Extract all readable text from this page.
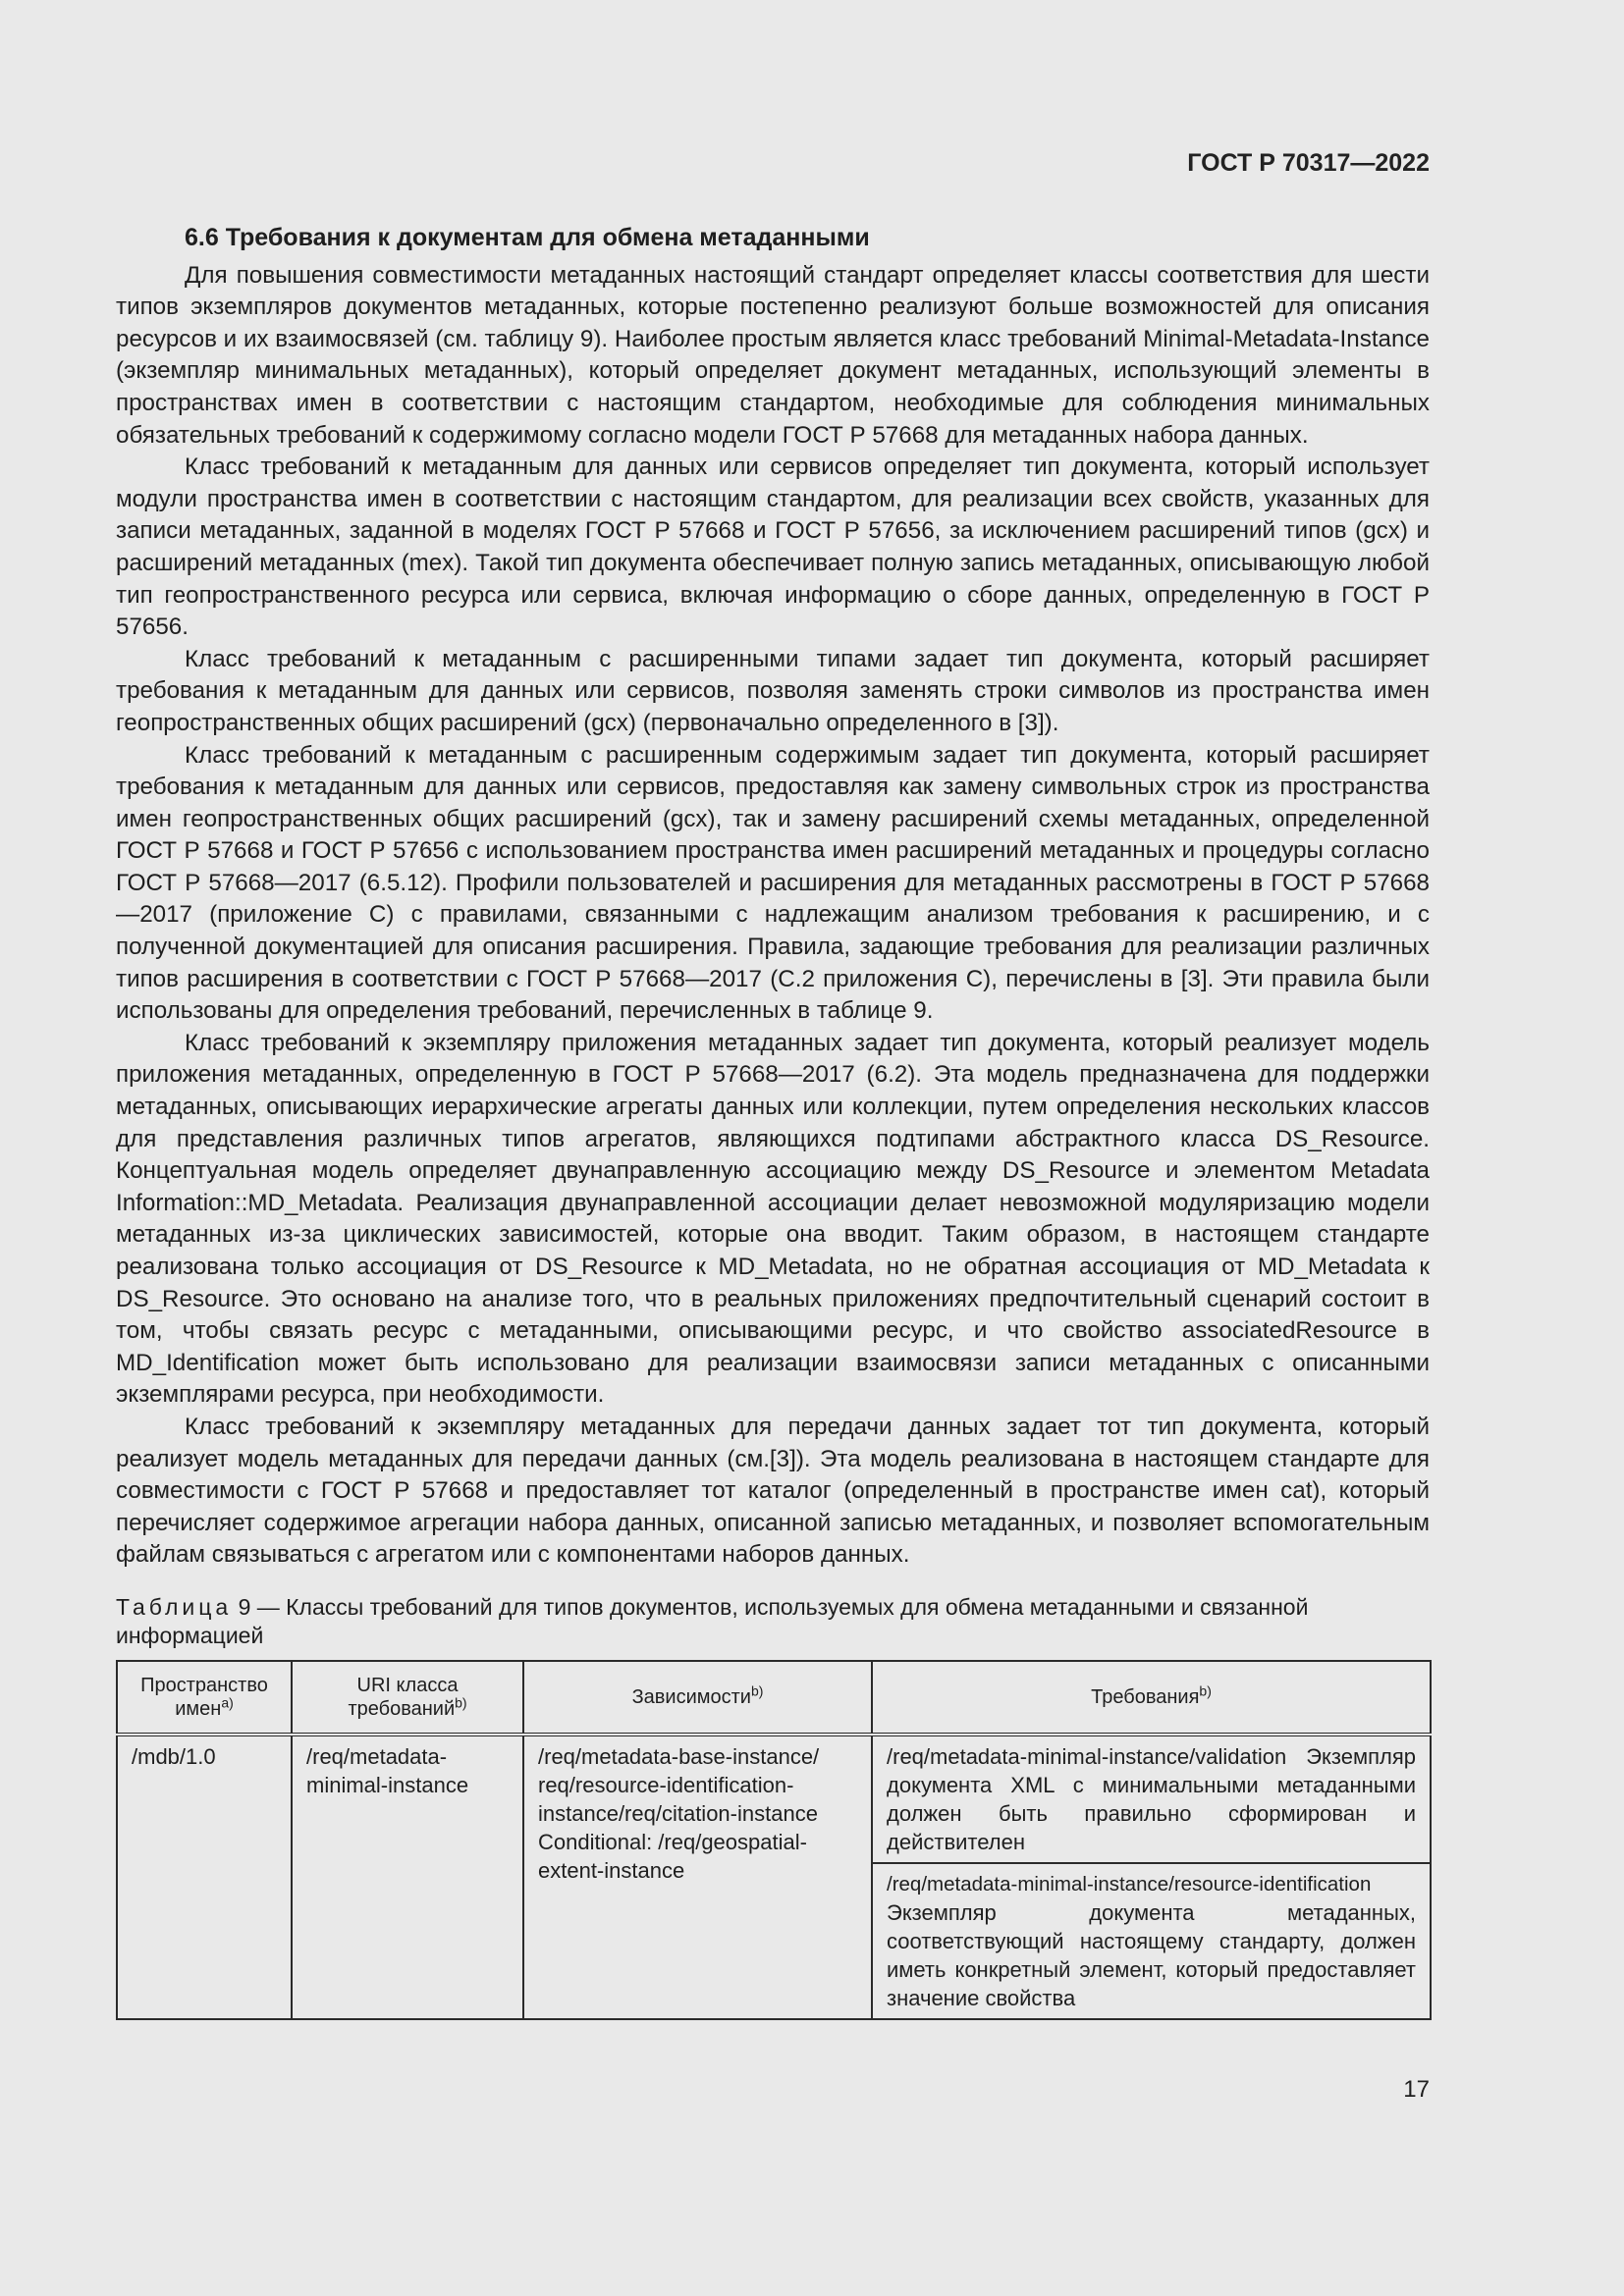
ГОСТ Р 70317—2022
6.6 Требования к документам для обмена метаданными

Для повышения совместимости метаданных настоящий стандарт определяет классы соответствия для шести типов экземпляров документов метаданных, которые постепенно реализуют больше возможностей для описания ресурсов и их взаимосвязей (см. таблицу 9). Наиболее простым является класс требований Minimal-Metadata-Instance (экземпляр минимальных метаданных), который определяет документ метаданных, использующий элементы в пространствах имен в соответствии с настоящим стандартом, необходимые для соблюдения минимальных обязательных требований к содержимому согласно модели ГОСТ Р 57668 для метаданных набора данных.

Класс требований к метаданным для данных или сервисов определяет тип документа, который использует модули пространства имен в соответствии с настоящим стандартом, для реализации всех свойств, указанных для записи метаданных, заданной в моделях ГОСТ Р 57668 и ГОСТ Р 57656, за исключением расширений типов (gcx) и расширений метаданных (mex). Такой тип документа обеспечивает полную запись метаданных, описывающую любой тип геопространственного ресурса или сервиса, включая информацию о сборе данных, определенную в ГОСТ Р 57656.

Класс требований к метаданным с расширенными типами задает тип документа, который расширяет требования к метаданным для данных или сервисов, позволяя заменять строки символов из пространства имен геопространственных общих расширений (gcx) (первоначально определенного в [3]).

Класс требований к метаданным с расширенным содержимым задает тип документа, который расширяет требования к метаданным для данных или сервисов, предоставляя как замену символьных строк из пространства имен геопространственных общих расширений (gcx), так и замену расширений схемы метаданных, определенной ГОСТ Р 57668 и ГОСТ Р 57656 с использованием пространства имен расширений метаданных и процедуры согласно ГОСТ Р 57668—2017 (6.5.12). Профили пользователей и расширения для метаданных рассмотрены в ГОСТ Р 57668—2017 (приложение С) с правилами, связанными с надлежащим анализом требования к расширению, и с полученной документацией для описания расширения. Правила, задающие требования для реализации различных типов расширения в соответствии с ГОСТ Р 57668—2017 (С.2 приложения С), перечислены в [3]. Эти правила были использованы для определения требований, перечисленных в таблице 9.

Класс требований к экземпляру приложения метаданных задает тип документа, который реализует модель приложения метаданных, определенную в ГОСТ Р 57668—2017 (6.2). Эта модель предназначена для поддержки метаданных, описывающих иерархические агрегаты данных или коллекции, путем определения нескольких классов для представления различных типов агрегатов, являющихся подтипами абстрактного класса DS_Resource. Концептуальная модель определяет двунаправленную ассоциацию между DS_Resource и элементом Metadata Information::MD_Metadata. Реализация двунаправленной ассоциации делает невозможной модуляризацию модели метаданных из-за циклических зависимостей, которые она вводит. Таким образом, в настоящем стандарте реализована только ассоциация от DS_Resource к MD_Metadata, но не обратная ассоциация от MD_Metadata к DS_Resource. Это основано на анализе того, что в реальных приложениях предпочтительный сценарий состоит в том, чтобы связать ресурс с метаданными, описывающими ресурс, и что свойство associatedResource в MD_Identification может быть использовано для реализации взаимосвязи записи метаданных с описанными экземплярами ресурса, при необходимости.

Класс требований к экземпляру метаданных для передачи данных задает тот тип документа, который реализует модель метаданных для передачи данных (см.[3]). Эта модель реализована в настоящем стандарте для совместимости с ГОСТ Р 57668 и предоставляет тот каталог (определенный в пространстве имен cat), который перечисляет содержимое агрегации набора данных, описанной записью метаданных, и позволяет вспомогательным файлам связываться с агрегатом или с компонентами наборов данных.

Таблица 9 — Классы требований для типов документов, используемых для обмена метаданными и связанной информацией
Пространство имен$^{a)}$	URI класса требований$^{b)}$	Зависимости$^{b)}$	Требования$^{b)}$
/mdb/1.0	/req/metadata-minimal-instance	/req/metadata-base-instance/ req/resource-identification-instance/req/citation-instance Conditional: /req/geospatial-extent-instance	/req/metadata-minimal-instance/validation Экземпляр документа XML с минимальными метаданными должен быть правильно сформирован и действителен

			/req/metadata-minimal-instance/resource-identification
Экземпляр документа метаданных, соответствующий настоящему стандарту, должен иметь конкретный элемент, который предоставляет значение свойства
17
